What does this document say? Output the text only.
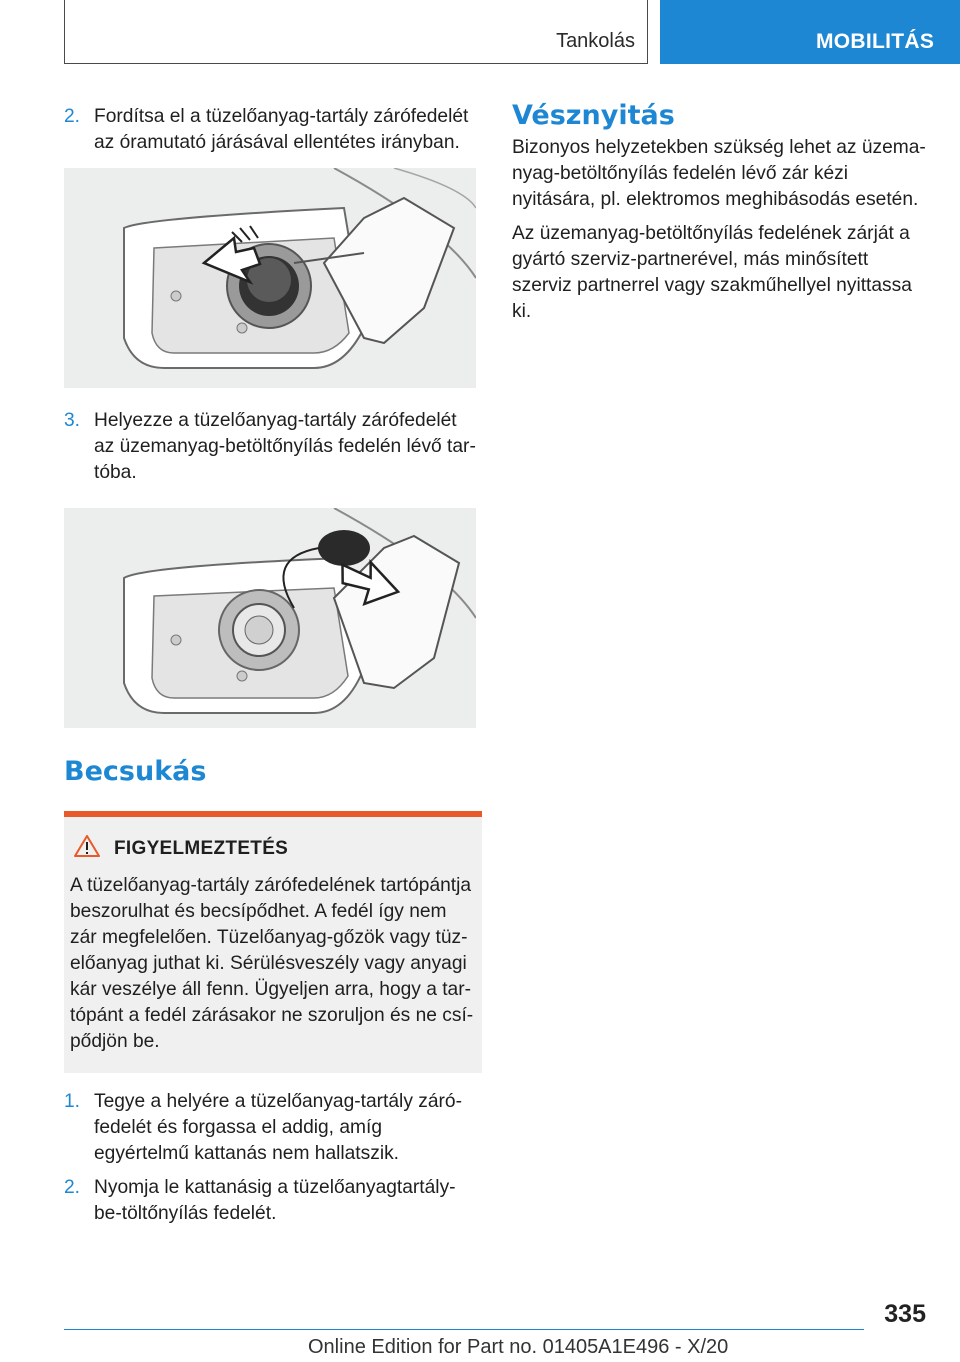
Tankolás	MOBILITÁS
2. Fordítsa el a tüzelőanyag-tartály zárófedelét az óramutató járásával ellentétes irányban.
3. Helyezze a tüzelőanyag-tartály zárófedelét az üzemanyag-betöltőnyílás fedelén lévő tar-tóba.
Becsukás
FIGYELMEZTETÉS

A tüzelőanyag-tartály zárófedelének tartópántja beszorulhat és becsípődhet. A fedél így nem zár megfelelően. Tüzelőanyag-gőzök vagy tüz-előanyag juthat ki. Sérülésveszély vagy anyagi kár veszélye áll fenn. Ügyeljen arra, hogy a tar-tópánt a fedél zárásakor ne szoruljon és ne csí-pődjön be.

1. Tegye a helyére a tüzelőanyag-tartály záró-fedelét és forgassa el addig, amíg egyértelmű kattanás nem hallatszik.
2. Nyomja le kattanásig a tüzelőanyagtartály-be-töltőnyílás fedelét.
Vésznyitás

Bizonyos helyzetekben szükség lehet az üzema-nyag-betöltőnyílás fedelén lévő zár kézi nyitására, pl. elektromos meghibásodás esetén.

Az üzemanyag-betöltőnyílás fedelének zárját a gyártó szerviz-partnerével, más minősített szerviz partnerrel vagy szakműhellyel nyittassa ki.

335
Online Edition for Part no. 01405A1E496 - X/20
